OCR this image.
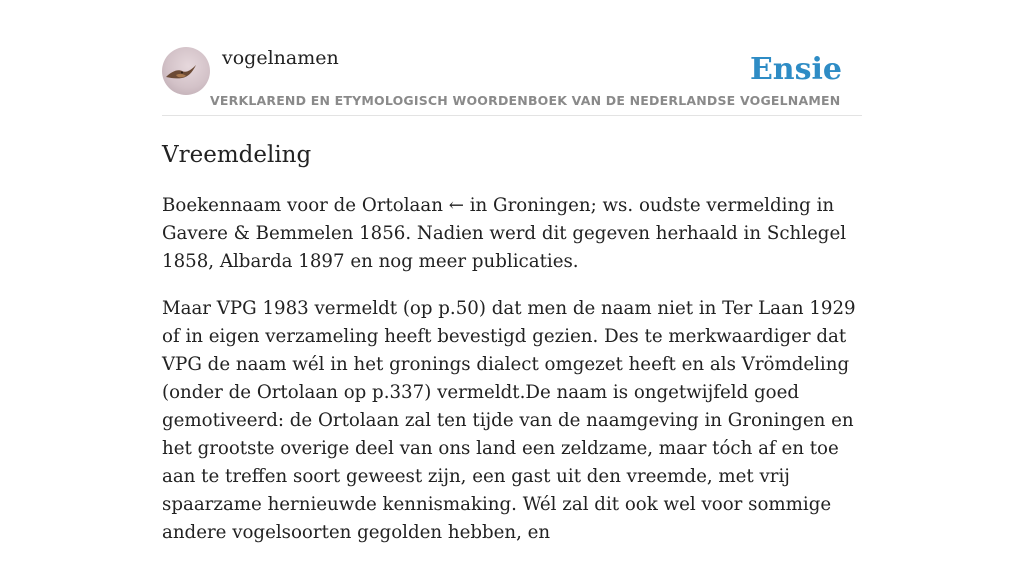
vogelnamen	Ensie
VERKLAREND EN ETYMOLOGISCH WOORDENBOEK VAN DE NEDERLANDSE VOGELNAMEN
Vreemdeling

Boekennaam voor de Ortolaan ← in Groningen; ws. oudste vermelding in Gavere & Bemmelen 1856. Nadien werd dit gegeven herhaald in Schlegel 1858, Albarda 1897 en nog meer publicaties.

Maar VPG 1983 vermeldt (op p.50) dat men de naam niet in Ter Laan 1929 of in eigen verzameling heeft bevestigd gezien. Des te merkwaardiger dat VPG de naam wél in het gronings dialect omgezet heeft en als Vrömdeling (onder de Ortolaan op p.337) vermeldt.De naam is ongetwijfeld goed gemotiveerd: de Ortolaan zal ten tijde van de naamgeving in Groningen en het grootste overige deel van ons land een zeldzame, maar tóch af en toe aan te treffen soort geweest zijn, een gast uit den vreemde, met vrij spaarzame hernieuwde kennismaking. Wél zal dit ook wel voor sommige andere vogelsoorten gegolden hebben, en
